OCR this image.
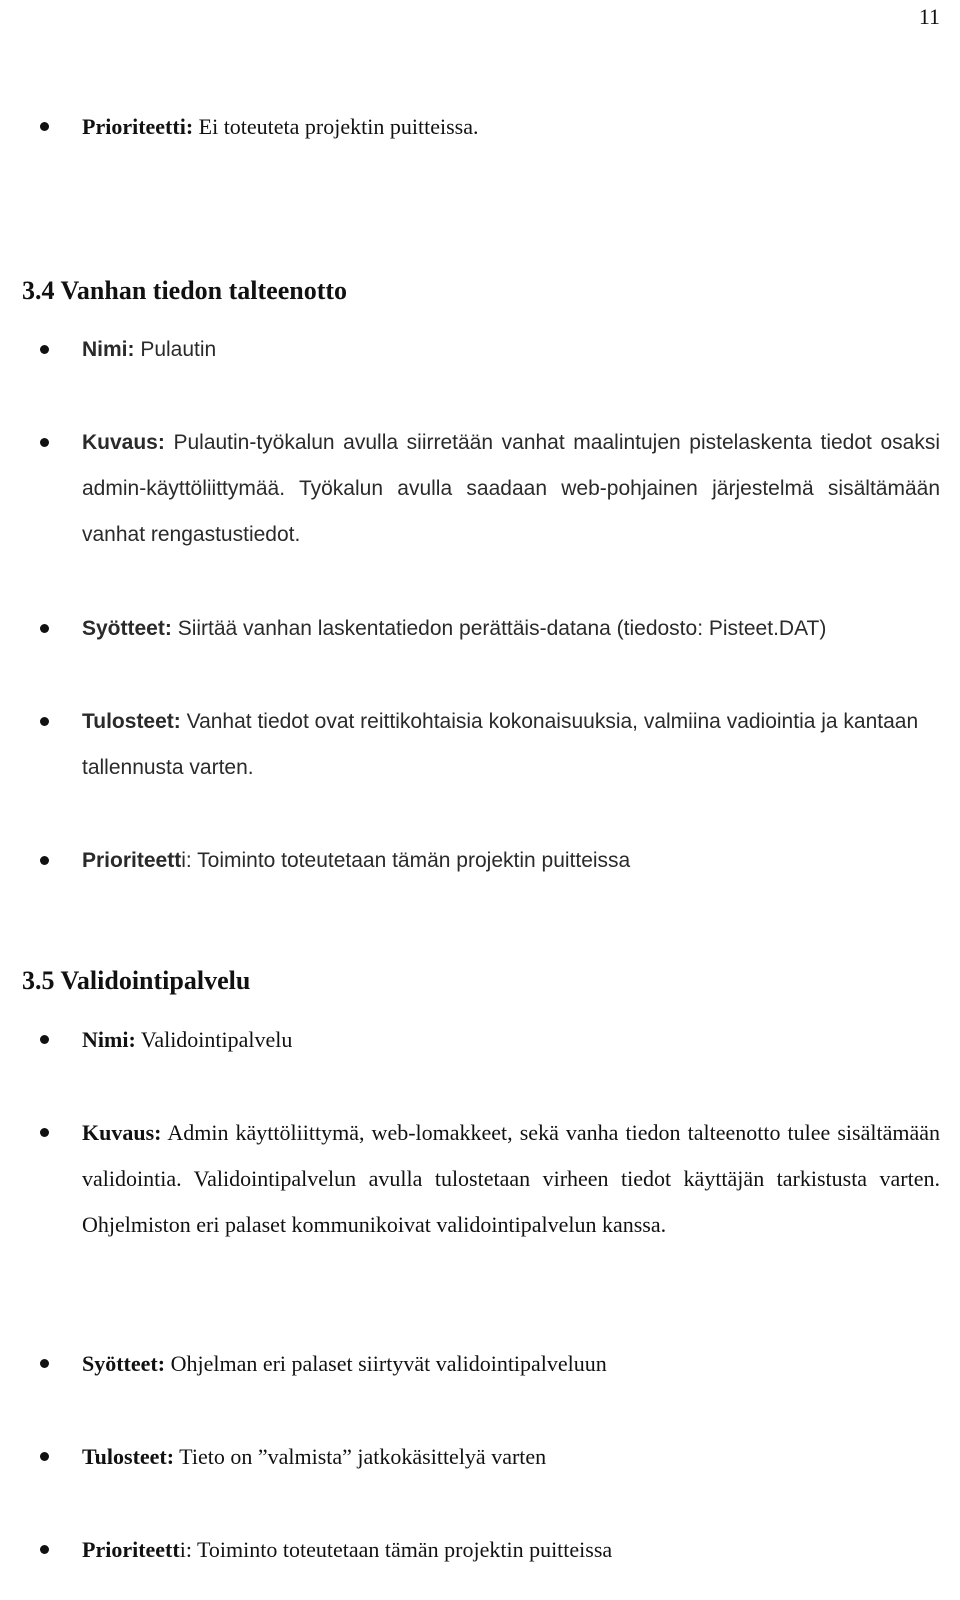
11
Prioriteetti: Ei toteuteta projektin puitteissa.
3.4 Vanhan tiedon talteenotto
Nimi: Pulautin
Kuvaus: Pulautin-työkalun avulla siirretään vanhat maalintujen pistelaskenta tiedot osaksi admin-käyttöliittymää. Työkalun avulla saadaan web-pohjainen järjestelmä sisältämään vanhat rengastustiedot.
Syötteet: Siirtää vanhan laskentatiedon perättäis-datana (tiedosto: Pisteet.DAT)
Tulosteet: Vanhat tiedot ovat reittikohtaisia kokonaisuuksia, valmiina vadiointia ja kantaan tallennusta varten.
Prioriteetti: Toiminto toteutetaan tämän projektin puitteissa
3.5 Validointipalvelu
Nimi: Validointipalvelu
Kuvaus: Admin käyttöliittymä, web-lomakkeet, sekä vanha tiedon talteenotto tulee sisältämään validointia. Validointipalvelun avulla tulostetaan virheen tiedot käyttäjän tarkistusta varten. Ohjelmiston eri palaset kommunikoivat validointipalvelun kanssa.
Syötteet: Ohjelman eri palaset siirtyvät validointipalveluun
Tulosteet: Tieto on ”valmista” jatkokäsittelyä varten
Prioriteetti: Toiminto toteutetaan tämän projektin puitteissa
